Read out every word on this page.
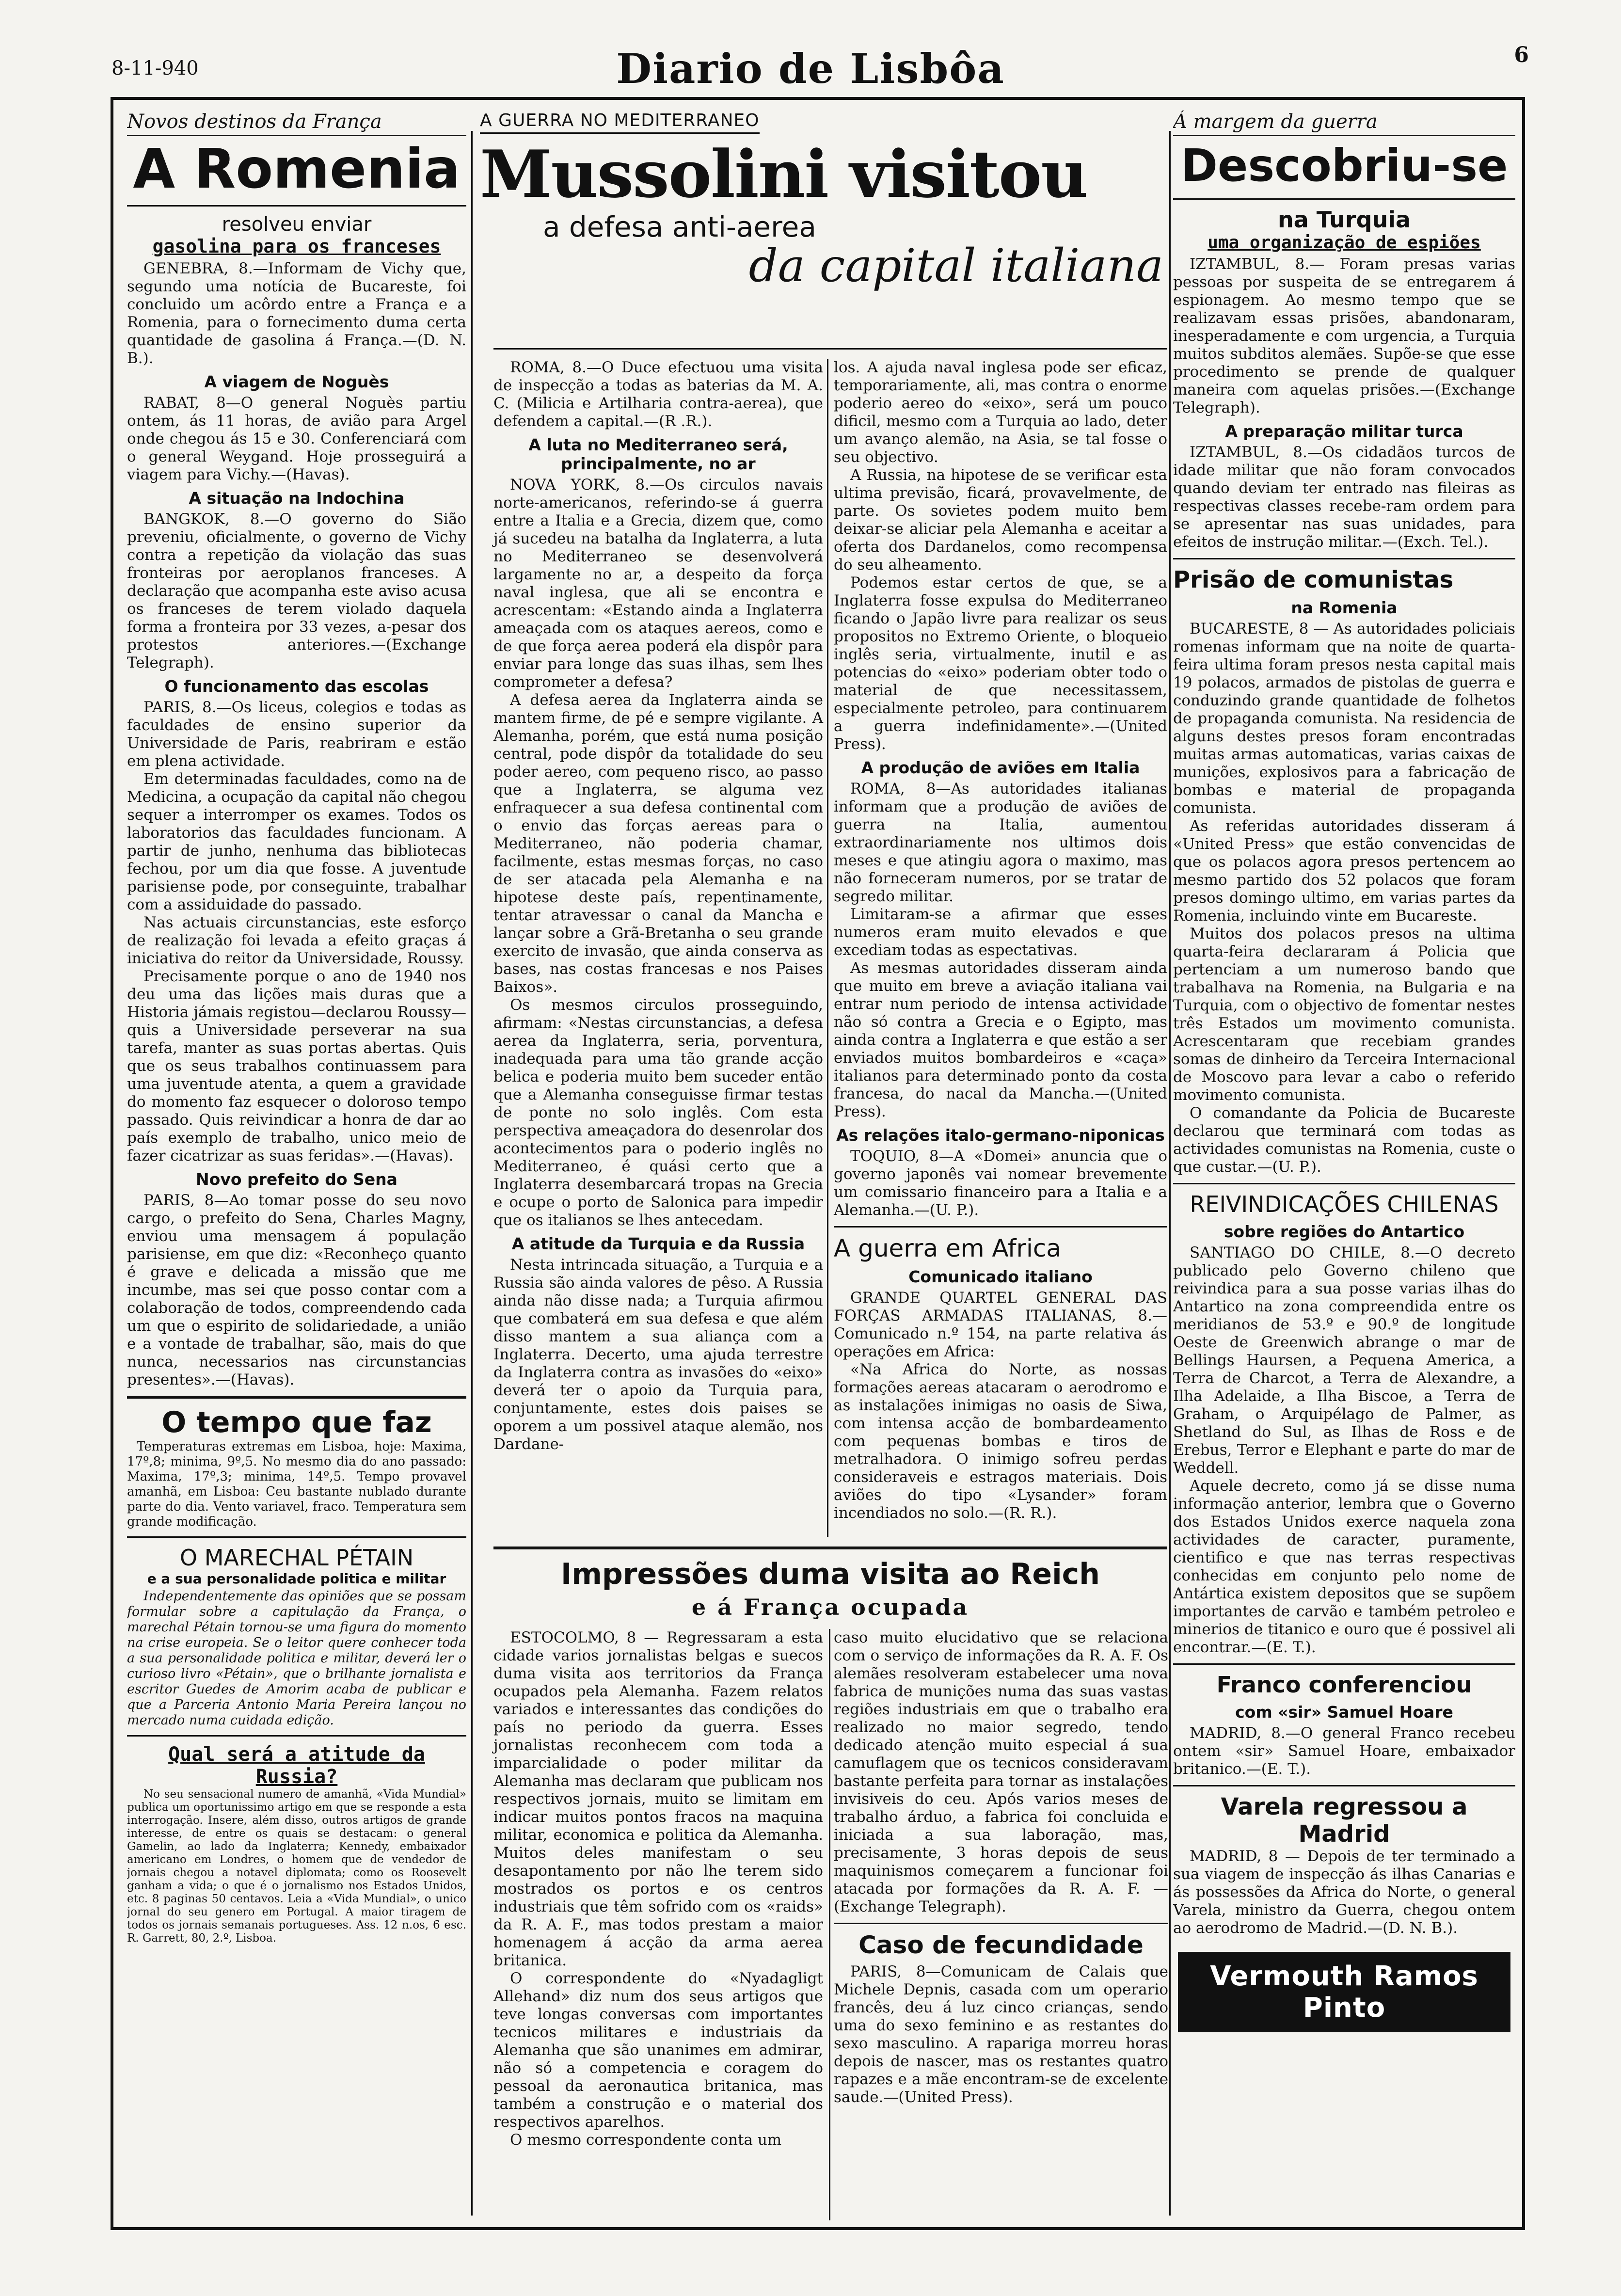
8-11-940	Diario de Lisbôa	6
Novos destinos da França
A Romenia
resolveu enviar
gasolina para os franceses

GENEBRA, 8.—Informam de Vichy que, segundo uma notícia de Bucareste, foi concluido um acôrdo entre a França e a Romenia, para o fornecimento duma certa quantidade de gasolina á França.—(D. N. B.).

A viagem de Noguès

RABAT, 8—O general Noguès partiu ontem, ás 11 horas, de avião para Argel onde chegou ás 15 e 30. Conferenciará com o general Weygand. Hoje prosseguirá a viagem para Vichy.—(Havas).

A situação na Indochina

BANGKOK, 8.—O governo do Sião preveniu, oficialmente, o governo de Vichy contra a repetição da violação das suas fronteiras por aeroplanos franceses. A declaração que acompanha este aviso acusa os franceses de terem violado daquela forma a fronteira por 33 vezes, a-pesar dos protestos anteriores.—(Exchange Telegraph).

O funcionamento das escolas

PARIS, 8.—Os liceus, colegios e todas as faculdades de ensino superior da Universidade de Paris, reabriram e estão em plena actividade.

Em determinadas faculdades, como na de Medicina, a ocupação da capital não chegou sequer a interromper os exames. Todos os laboratorios das faculdades funcionam. A partir de junho, nenhuma das bibliotecas fechou, por um dia que fosse. A juventude parisiense pode, por conseguinte, trabalhar com a assiduidade do passado.

Nas actuais circunstancias, este esforço de realização foi levada a efeito graças á iniciativa do reitor da Universidade, Roussy.

Precisamente porque o ano de 1940 nos deu uma das lições mais duras que a Historia jámais registou—declarou Roussy—quis a Universidade perseverar na sua tarefa, manter as suas portas abertas. Quis que os seus trabalhos continuassem para uma juventude atenta, a quem a gravidade do momento faz esquecer o doloroso tempo passado. Quis reivindicar a honra de dar ao país exemplo de trabalho, unico meio de fazer cicatrizar as suas feridas».—(Havas).

Novo prefeito do Sena

PARIS, 8—Ao tomar posse do seu novo cargo, o prefeito do Sena, Charles Magny, enviou uma mensagem á população parisiense, em que diz: «Reconheço quanto é grave e delicada a missão que me incumbe, mas sei que posso contar com a colaboração de todos, compreendendo cada um que o espirito de solidariedade, a união e a vontade de trabalhar, são, mais do que nunca, necessarios nas circunstancias presentes».—(Havas).

O tempo que faz

Temperaturas extremas em Lisboa, hoje: Maxima, 17º,8; minima, 9º,5. No mesmo dia do ano passado: Maxima, 17º,3; minima, 14º,5. Tempo provavel amanhã, em Lisboa: Ceu bastante nublado durante parte do dia. Vento variavel, fraco. Temperatura sem grande modificação.

O MARECHAL PÉTAIN
e a sua personalidade politica e militar

Independentemente das opiniões que se possam formular sobre a capitulação da França, o marechal Pétain tornou-se uma figura do momento na crise europeia. Se o leitor quere conhecer toda a sua personalidade politica e militar, deverá ler o curioso livro «Pétain», que o brilhante jornalista e escritor Guedes de Amorim acaba de publicar e que a Parceria Antonio Maria Pereira lançou no mercado numa cuidada edição.

Qual será a atitude da Russia?

No seu sensacional numero de amanhã, «Vida Mundial» publica um oportunissimo artigo em que se responde a esta interrogação. Insere, além disso, outros artigos de grande interesse, de entre os quais se destacam: o general Gamelin, ao lado da Inglaterra; Kennedy, embaixador americano em Londres, o homem que de vendedor de jornais chegou a notavel diplomata; como os Roosevelt ganham a vida; o que é o jornalismo nos Estados Unidos, etc. 8 paginas 50 centavos. Leia a «Vida Mundial», o unico jornal do seu genero em Portugal. A maior tiragem de todos os jornais semanais portugueses. Ass. 12 n.os, 6 esc. R. Garrett, 80, 2.º, Lisboa.

A GUERRA NO MEDITERRANEO
Mussolini visitou
a defesa anti-aerea
da capital italiana

ROMA, 8.—O Duce efectuou uma visita de inspecção a todas as baterias da M. A. C. (Milicia e Artilharia contra-aerea), que defendem a capital.—(R .R.).

A luta no Mediterraneo será, principalmente, no ar

NOVA YORK, 8.—Os circulos navais norte-americanos, referindo-se á guerra entre a Italia e a Grecia, dizem que, como já sucedeu na batalha da Inglaterra, a luta no Mediterraneo se desenvolverá largamente no ar, a despeito da força naval inglesa, que ali se encontra e acrescentam: «Estando ainda a Inglaterra ameaçada com os ataques aereos, como e de que força aerea poderá ela dispôr para enviar para longe das suas ilhas, sem lhes comprometer a defesa?

A defesa aerea da Inglaterra ainda se mantem firme, de pé e sempre vigilante. A Alemanha, porém, que está numa posição central, pode dispôr da totalidade do seu poder aereo, com pequeno risco, ao passo que a Inglaterra, se alguma vez enfraquecer a sua defesa continental com o envio das forças aereas para o Mediterraneo, não poderia chamar, facilmente, estas mesmas forças, no caso de ser atacada pela Alemanha e na hipotese deste país, repentinamente, tentar atravessar o canal da Mancha e lançar sobre a Grã-Bretanha o seu grande exercito de invasão, que ainda conserva as bases, nas costas francesas e nos Paises Baixos».

Os mesmos circulos prosseguindo, afirmam: «Nestas circunstancias, a defesa aerea da Inglaterra, seria, porventura, inadequada para uma tão grande acção belica e poderia muito bem suceder então que a Alemanha conseguisse firmar testas de ponte no solo inglês. Com esta perspectiva ameaçadora do desenrolar dos acontecimentos para o poderio inglês no Mediterraneo, é quási certo que a Inglaterra desembarcará tropas na Grecia e ocupe o porto de Salonica para impedir que os italianos se lhes antecedam.

A atitude da Turquia e da Russia

Nesta intrincada situação, a Turquia e a Russia são ainda valores de pêso. A Russia ainda não disse nada; a Turquia afirmou que combaterá em sua defesa e que além disso mantem a sua aliança com a Inglaterra. Decerto, uma ajuda terrestre da Inglaterra contra as invasões do «eixo» deverá ter o apoio da Turquia para, conjuntamente, estes dois paises se oporem a um possivel ataque alemão, nos Dardane-

los. A ajuda naval inglesa pode ser eficaz, temporariamente, ali, mas contra o enorme poderio aereo do «eixo», será um pouco dificil, mesmo com a Turquia ao lado, deter um avanço alemão, na Asia, se tal fosse o seu objectivo.

A Russia, na hipotese de se verificar esta ultima previsão, ficará, provavelmente, de parte. Os sovietes podem muito bem deixar-se aliciar pela Alemanha e aceitar a oferta dos Dardanelos, como recompensa do seu alheamento.

Podemos estar certos de que, se a Inglaterra fosse expulsa do Mediterraneo ficando o Japão livre para realizar os seus propositos no Extremo Oriente, o bloqueio inglês seria, virtualmente, inutil e as potencias do «eixo» poderiam obter todo o material de que necessitassem, especialmente petroleo, para continuarem a guerra indefinidamente».—(United Press).

A produção de aviões em Italia

ROMA, 8—As autoridades italianas informam que a produção de aviões de guerra na Italia, aumentou extraordinariamente nos ultimos dois meses e que atingiu agora o maximo, mas não forneceram numeros, por se tratar de segredo militar.

Limitaram-se a afirmar que esses numeros eram muito elevados e que excediam todas as espectativas.

As mesmas autoridades disseram ainda que muito em breve a aviação italiana vai entrar num periodo de intensa actividade não só contra a Grecia e o Egipto, mas ainda contra a Inglaterra e que estão a ser enviados muitos bombardeiros e «caça» italianos para determinado ponto da costa francesa, do nacal da Mancha.—(United Press).

As relações italo-germano-niponicas

TOQUIO, 8—A «Domei» anuncia que o governo japonês vai nomear brevemente um comissario financeiro para a Italia e a Alemanha.—(U. P.).

A guerra em Africa
Comunicado italiano

GRANDE QUARTEL GENERAL DAS FORÇAS ARMADAS ITALIANAS, 8.—Comunicado n.º 154, na parte relativa ás operações em Africa:

«Na Africa do Norte, as nossas formações aereas atacaram o aerodromo e as instalações inimigas no oasis de Siwa, com intensa acção de bombardeamento com pequenas bombas e tiros de metralhadora. O inimigo sofreu perdas consideraveis e estragos materiais. Dois aviões do tipo «Lysander» foram incendiados no solo.—(R. R.).

Impressões duma visita ao Reich
e á França ocupada

ESTOCOLMO, 8 — Regressaram a esta cidade varios jornalistas belgas e suecos duma visita aos territorios da França ocupados pela Alemanha. Fazem relatos variados e interessantes das condições do país no periodo da guerra. Esses jornalistas reconhecem com toda a imparcialidade o poder militar da Alemanha mas declaram que publicam nos respectivos jornais, muito se limitam em indicar muitos pontos fracos na maquina militar, economica e politica da Alemanha. Muitos deles manifestam o seu desapontamento por não lhe terem sido mostrados os portos e os centros industriais que têm sofrido com os «raids» da R. A. F., mas todos prestam a maior homenagem á acção da arma aerea britanica.

O correspondente do «Nyadagligt Allehand» diz num dos seus artigos que teve longas conversas com importantes tecnicos militares e industriais da Alemanha que são unanimes em admirar, não só a competencia e coragem do pessoal da aeronautica britanica, mas também a construção e o material dos respectivos aparelhos.

O mesmo correspondente conta um

caso muito elucidativo que se relaciona com o serviço de informações da R. A. F. Os alemães resolveram estabelecer uma nova fabrica de munições numa das suas vastas regiões industriais em que o trabalho era realizado no maior segredo, tendo dedicado atenção muito especial á sua camuflagem que os tecnicos consideravam bastante perfeita para tornar as instalações invisiveis do ceu. Após varios meses de trabalho árduo, a fabrica foi concluida e iniciada a sua laboração, mas, precisamente, 3 horas depois de seus maquinismos começarem a funcionar foi atacada por formações da R. A. F. —(Exchange Telegraph).

Caso de fecundidade

PARIS, 8—Comunicam de Calais que Michele Depnis, casada com um operario francês, deu á luz cinco crianças, sendo uma do sexo feminino e as restantes do sexo masculino. A rapariga morreu horas depois de nascer, mas os restantes quatro rapazes e a mãe encontram-se de excelente saude.—(United Press).

Á margem da guerra
Descobriu-se
na Turquia
uma organização de espiões

IZTAMBUL, 8.— Foram presas varias pessoas por suspeita de se entregarem á espionagem. Ao mesmo tempo que se realizavam essas prisões, abandonaram, inesperadamente e com urgencia, a Turquia muitos subditos alemães. Supõe-se que esse procedimento se prende de qualquer maneira com aquelas prisões.—(Exchange Telegraph).

A preparação militar turca

IZTAMBUL, 8.—Os cidadãos turcos de idade militar que não foram convocados quando deviam ter entrado nas fileiras as respectivas classes recebe-ram ordem para se apresentar nas suas unidades, para efeitos de instrução militar.—(Exch. Tel.).

Prisão de comunistas
na Romenia

BUCARESTE, 8 — As autoridades policiais romenas informam que na noite de quarta-feira ultima foram presos nesta capital mais 19 polacos, armados de pistolas de guerra e conduzindo grande quantidade de folhetos de propaganda comunista. Na residencia de alguns destes presos foram encontradas muitas armas automaticas, varias caixas de munições, explosivos para a fabricação de bombas e material de propaganda comunista.

As referidas autoridades disseram á «United Press» que estão convencidas de que os polacos agora presos pertencem ao mesmo partido dos 52 polacos que foram presos domingo ultimo, em varias partes da Romenia, incluindo vinte em Bucareste.

Muitos dos polacos presos na ultima quarta-feira declararam á Policia que pertenciam a um numeroso bando que trabalhava na Romenia, na Bulgaria e na Turquia, com o objectivo de fomentar nestes três Estados um movimento comunista. Acrescentaram que recebiam grandes somas de dinheiro da Terceira Internacional de Moscovo para levar a cabo o referido movimento comunista.

O comandante da Policia de Bucareste declarou que terminará com todas as actividades comunistas na Romenia, custe o que custar.—(U. P.).

REIVINDICAÇÕES CHILENAS
sobre regiões do Antartico

SANTIAGO DO CHILE, 8.—O decreto publicado pelo Governo chileno que reivindica para a sua posse varias ilhas do Antartico na zona compreendida entre os meridianos de 53.º e 90.º de longitude Oeste de Greenwich abrange o mar de Bellings Haursen, a Pequena America, a Terra de Charcot, a Terra de Alexandre, a Ilha Adelaide, a Ilha Biscoe, a Terra de Graham, o Arquipélago de Palmer, as Shetland do Sul, as Ilhas de Ross e de Erebus, Terror e Elephant e parte do mar de Weddell.

Aquele decreto, como já se disse numa informação anterior, lembra que o Governo dos Estados Unidos exerce naquela zona actividades de caracter, puramente, cientifico e que nas terras respectivas conhecidas em conjunto pelo nome de Antártica existem depositos que se supõem importantes de carvão e também petroleo e minerios de titanico e ouro que é possivel ali encontrar.—(E. T.).

Franco conferenciou
com «sir» Samuel Hoare

MADRID, 8.—O general Franco recebeu ontem «sir» Samuel Hoare, embaixador britanico.—(E. T.).

Varela regressou a Madrid

MADRID, 8 — Depois de ter terminado a sua viagem de inspecção ás ilhas Canarias e ás possessões da Africa do Norte, o general Varela, ministro da Guerra, chegou ontem ao aerodromo de Madrid.—(D. N. B.).

Vermouth Ramos Pinto
